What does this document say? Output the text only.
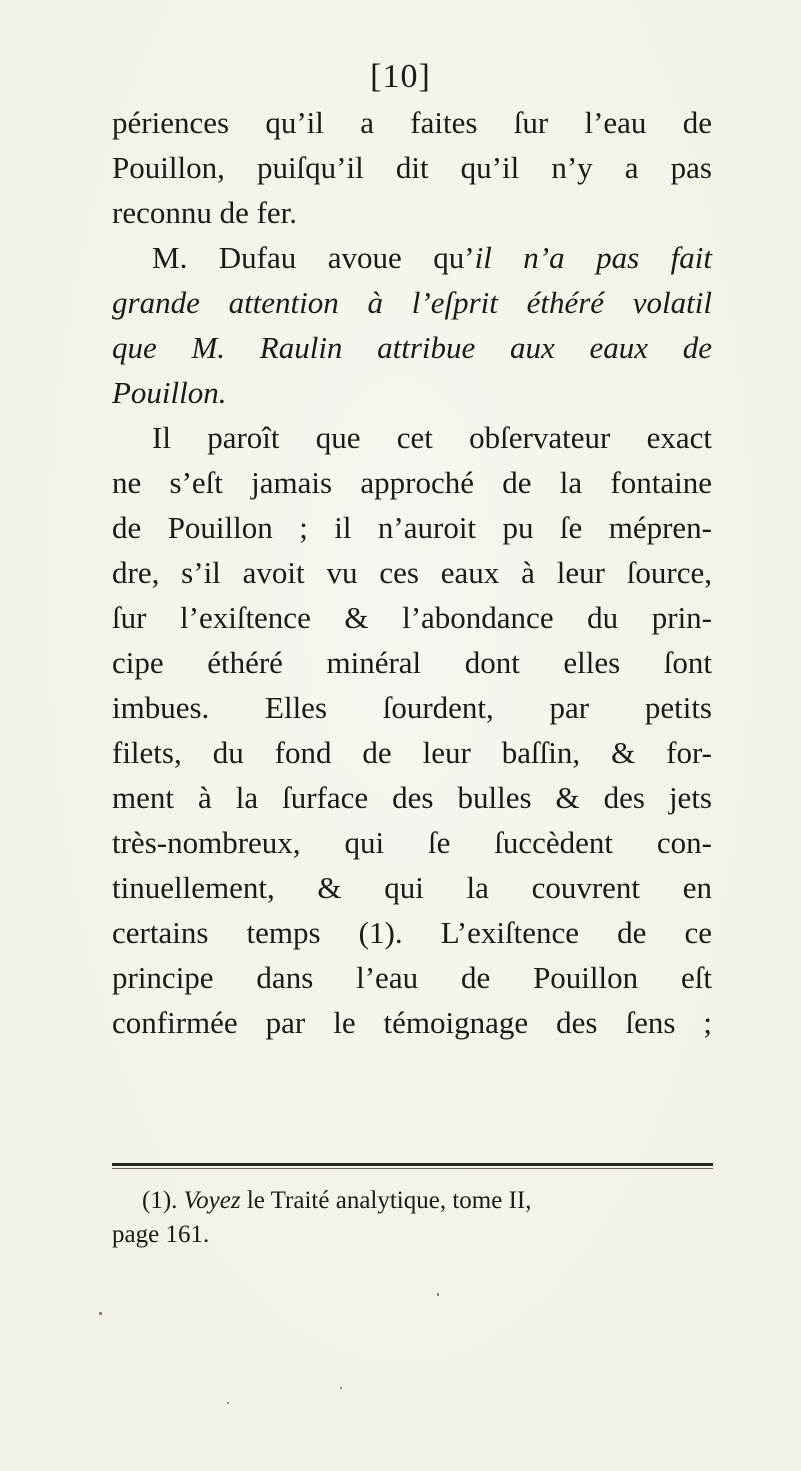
[10]
périences qu’il a faites ſur l’eau de
Pouillon, puiſqu’il dit qu’il n’y a pas
reconnu de fer.
M. Dufau avoue qu’il n’a pas fait
grande attention à l’eſprit éthéré volatil
que M. Raulin attribue aux eaux de
Pouillon.
Il paroît que cet obſervateur exact
ne s’eſt jamais approché de la fontaine
de Pouillon ; il n’auroit pu ſe mépren-
dre, s’il avoit vu ces eaux à leur ſource,
ſur l’exiſtence & l’abondance du prin-
cipe éthéré minéral dont elles ſont
imbues. Elles ſourdent, par petits
filets, du fond de leur baſſin, & for-
ment à la ſurface des bulles & des jets
très-nombreux, qui ſe ſuccèdent con-
tinuellement, & qui la couvrent en
certains temps (1). L’exiſtence de ce
principe dans l’eau de Pouillon eſt
confirmée par le témoignage des ſens ;
(1). Voyez le Traité analytique, tome II,
page 161.
